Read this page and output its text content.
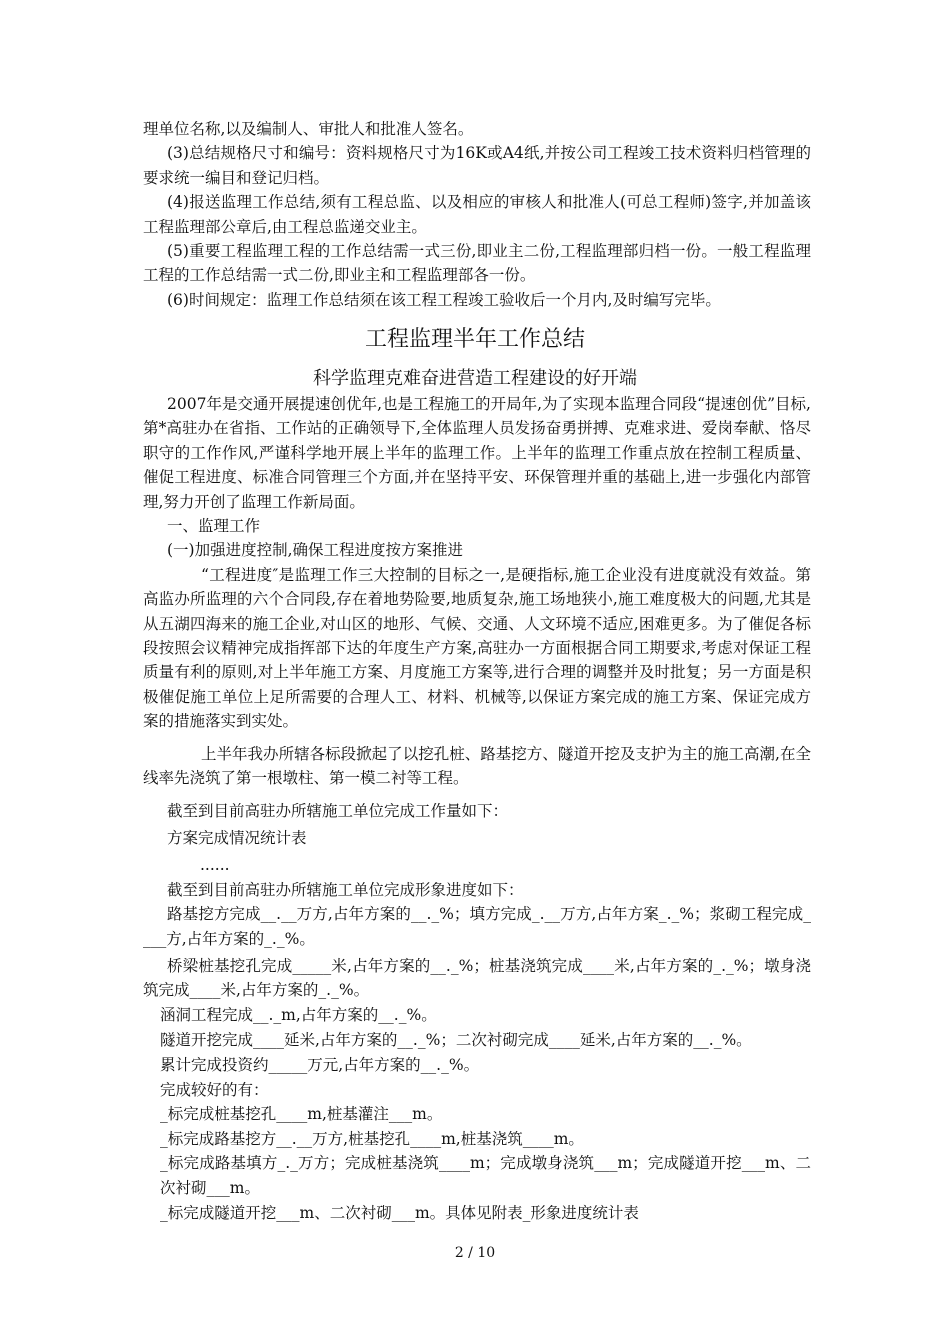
理单位名称,以及编制人、审批人和批准人签名。

(3)总结规格尺寸和编号：资料规格尺寸为16K或A4纸,并按公司工程竣工技术资料归档管理的要求统一编目和登记归档。

(4)报送监理工作总结,须有工程总监、以及相应的审核人和批准人(可总工程师)签字,并加盖该工程监理部公章后,由工程总监递交业主。

(5)重要工程监理工程的工作总结需一式三份,即业主二份,工程监理部归档一份。一般工程监理工程的工作总结需一式二份,即业主和工程监理部各一份。

(6)时间规定：监理工作总结须在该工程工程竣工验收后一个月内,及时编写完毕。

工程监理半年工作总结
科学监理克难奋进营造工程建设的好开端

2007年是交通开展提速创优年,也是工程施工的开局年,为了实现本监理合同段“提速创优”目标,第*高驻办在省指、工作站的正确领导下,全体监理人员发扬奋勇拼搏、克难求进、爱岗奉献、恪尽职守的工作作风,严谨科学地开展上半年的监理工作。上半年的监理工作重点放在控制工程质量、催促工程进度、标准合同管理三个方面,并在坚持平安、环保管理并重的基础上,进一步强化内部管理,努力开创了监理工作新局面。

一、监理工作

(一)加强进度控制,确保工程进度按方案推进

“工程进度″是监理工作三大控制的目标之一,是硬指标,施工企业没有进度就没有效益。第高监办所监理的六个合同段,存在着地势险要,地质复杂,施工场地狭小,施工难度极大的问题,尤其是从五湖四海来的施工企业,对山区的地形、气候、交通、人文环境不适应,困难更多。为了催促各标段按照会议精神完成指挥部下达的年度生产方案,高驻办一方面根据合同工期要求,考虑对保证工程质量有利的原则,对上半年施工方案、月度施工方案等,进行合理的调整并及时批复；另一方面是积极催促施工单位上足所需要的合理人工、材料、机械等,以保证方案完成的施工方案、保证完成方案的措施落实到实处。

上半年我办所辖各标段掀起了以挖孔桩、路基挖方、隧道开挖及支护为主的施工高潮,在全线率先浇筑了第一根墩柱、第一模二衬等工程。

截至到目前高驻办所辖施工单位完成工作量如下：

方案完成情况统计表

......

截至到目前高驻办所辖施工单位完成形象进度如下：

路基挖方完成__.__万方,占年方案的__._%；填方完成_.__万方,占年方案_._%；浆砌工程完成____方,占年方案的_._%。

桥梁桩基挖孔完成_____米,占年方案的__._%；桩基浇筑完成____米,占年方案的_._%；墩身浇筑完成____米,占年方案的_._%。

涵洞工程完成__._m,占年方案的__._%。

隧道开挖完成____延米,占年方案的__._%；二次衬砌完成____延米,占年方案的__._%。

累计完成投资约_____万元,占年方案的__._%。

完成较好的有：

_标完成桩基挖孔____m,桩基灌注___m。

_标完成路基挖方__.__万方,桩基挖孔____m,桩基浇筑____m。

_标完成路基填方_._万方；完成桩基浇筑____m；完成墩身浇筑___m；完成隧道开挖___m、二次衬砌___m。

_标完成隧道开挖___m、二次衬砌___m。具体见附表_形象进度统计表

2 / 10
